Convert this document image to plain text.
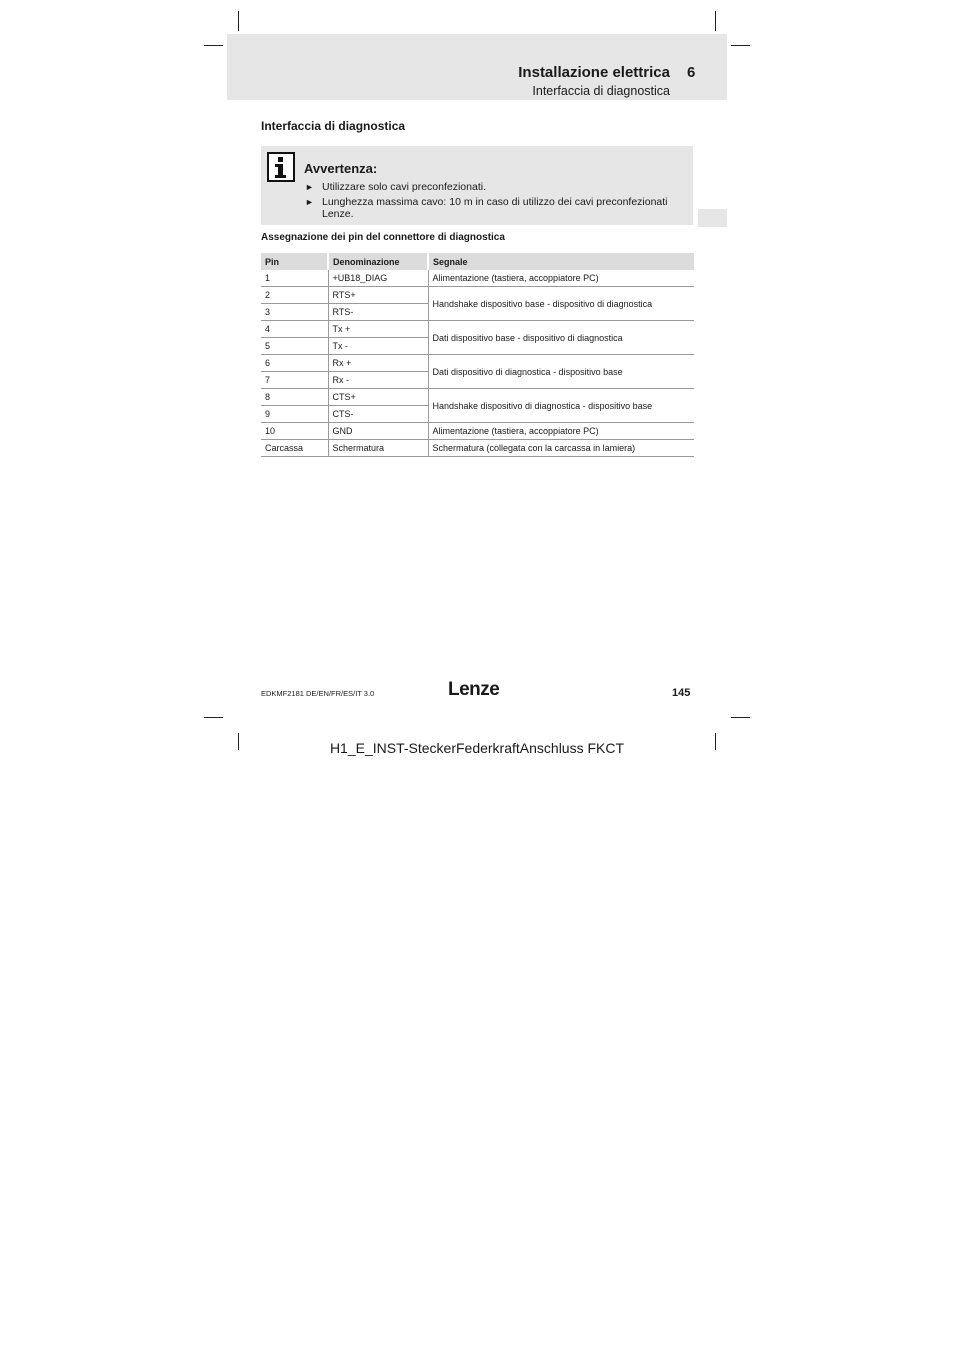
Installazione elettrica 6
Interfaccia di diagnostica
Interfaccia di diagnostica
Avvertenza:
► Utilizzare solo cavi preconfezionati.
► Lunghezza massima cavo: 10 m in caso di utilizzo dei cavi preconfezionati Lenze.
Assegnazione dei pin del connettore di diagnostica
Pin	Denominazione	Segnale
1	+UB18_DIAG	Alimentazione (tastiera, accoppiatore PC)
2	RTS+	Handshake dispositivo base - dispositivo di diagnostica
3	RTS-	
4	Tx +	Dati dispositivo base - dispositivo di diagnostica
5	Tx -	
6	Rx +	Dati dispositivo di diagnostica - dispositivo base
7	Rx -	
8	CTS+	Handshake dispositivo di diagnostica - dispositivo base
9	CTS-	
10	GND	Alimentazione (tastiera, accoppiatore PC)
Carcassa	Schermatura	Schermatura (collegata con la carcassa in lamiera)
EDKMF2181 DE/EN/FR/ES/IT 3.0	Lenze	145
H1_E_INST-SteckerFederkraftAnschluss FKCT
